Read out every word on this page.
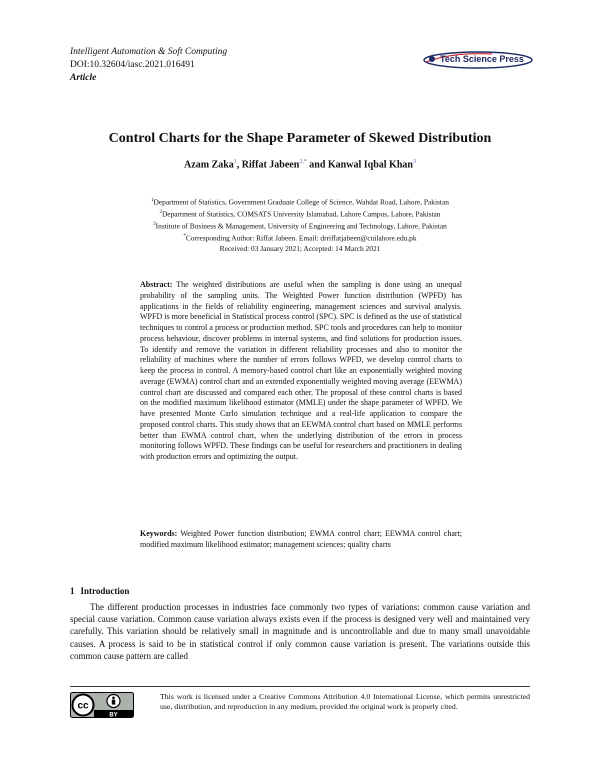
Intelligent Automation & Soft Computing
DOI:10.32604/iasc.2021.016491
Article
Tech Science Press
Control Charts for the Shape Parameter of Skewed Distribution
Azam Zaka$^1$, Riffat Jabeen$^{2,*}$ and Kanwal Iqbal Khan$^3$
$^1$Department of Statistics, Government Graduate College of Science, Wahdat Road, Lahore, Pakistan
$^2$Department of Statistics, COMSATS University Islamabad, Lahore Campus, Lahore, Pakistan
$^3$Institute of Business & Management, University of Engineering and Technology, Lahore, Pakistan
*Corresponding Author: Riffat Jabeen. Email: drriffatjabeen@cuilahore.edu.pk
Received: 03 January 2021; Accepted: 14 March 2021
Abstract: The weighted distributions are useful when the sampling is done using an unequal probability of the sampling units. The Weighted Power function distribution (WPFD) has applications in the fields of reliability engineering, management sciences and survival analysis. WPFD is more beneficial in Statistical process control (SPC). SPC is defined as the use of statistical techniques to control a process or production method. SPC tools and procedures can help to monitor process behaviour, discover problems in internal systems, and find solutions for production issues. To identify and remove the variation in different reliability processes and also to monitor the reliability of machines where the number of errors follows WPFD, we develop control charts to keep the process in control. A memory-based control chart like an exponentially weighted moving average (EWMA) control chart and an extended exponentially weighted moving average (EEWMA) control chart are discussed and compared each other. The proposal of these control charts is based on the modified maximum likelihood estimator (MMLE) under the shape parameter of WPFD. We have presented Monte Carlo simulation technique and a real-life application to compare the proposed control charts. This study shows that an EEWMA control chart based on MMLE performs better than EWMA control chart, when the underlying distribution of the errors in process monitoring follows WPFD. These findings can be useful for researchers and practitioners in dealing with production errors and optimizing the output.
Keywords: Weighted Power function distribution; EWMA control chart; EEWMA control chart; modified maximum likelihood estimator; management sciences; quality charts
1 Introduction
The different production processes in industries face commonly two types of variations: common cause variation and special cause variation. Common cause variation always exists even if the process is designed very well and maintained very carefully. This variation should be relatively small in magnitude and is uncontrollable and due to many small unavoidable causes. A process is said to be in statistical control if only common cause variation is present. The variations outside this common cause pattern are called
cc
BY
This work is licensed under a Creative Commons Attribution 4.0 International License, which permits unrestricted use, distribution, and reproduction in any medium, provided the original work is properly cited.
